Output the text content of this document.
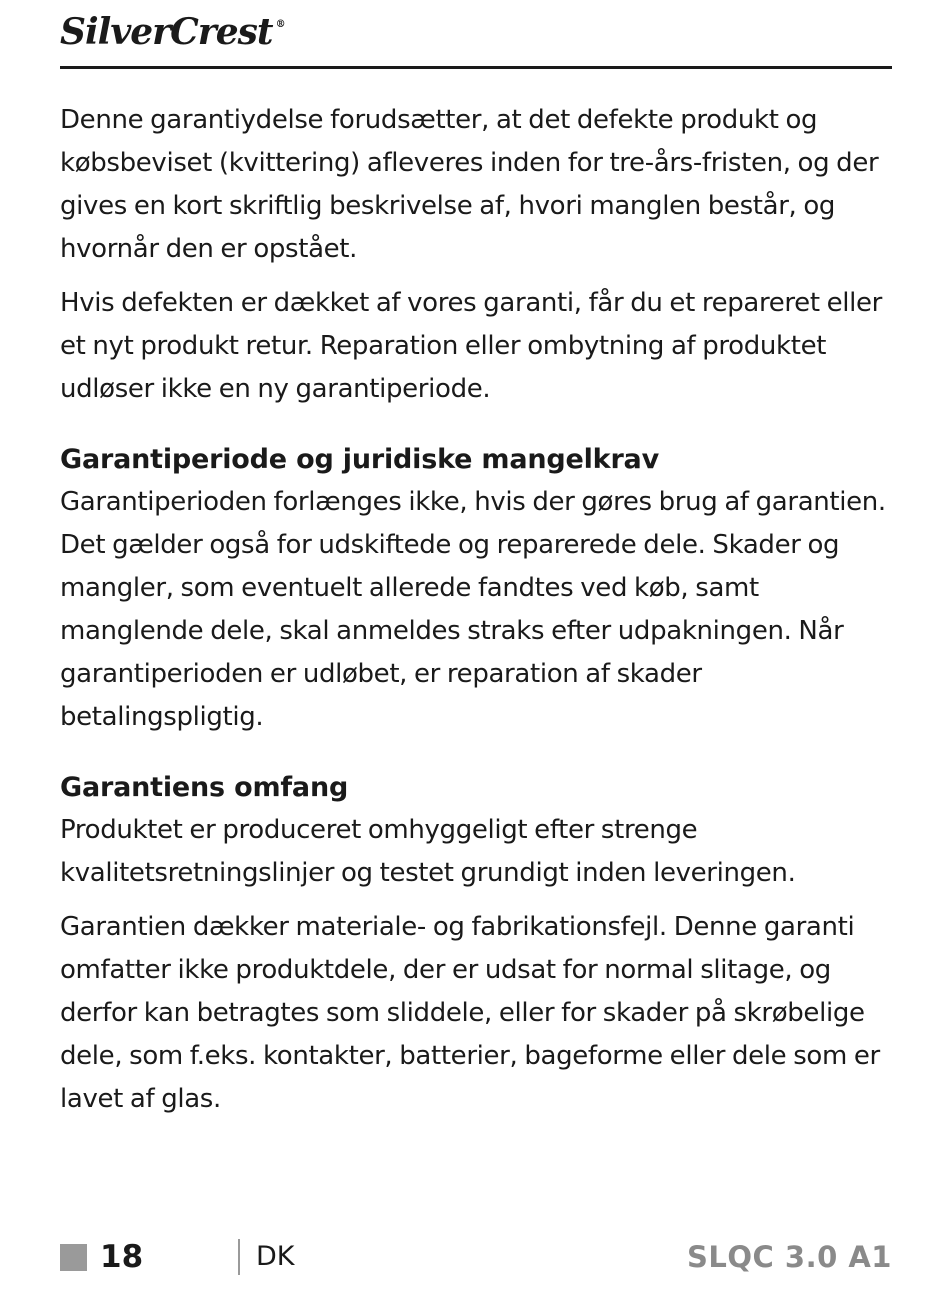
SilverCrest ®

Denne garantiydelse forudsætter, at det defekte produkt og købsbeviset (kvittering) afleveres inden for tre-års-fristen, og der gives en kort skriftlig beskrivelse af, hvori manglen består, og hvornår den er opstået.

Hvis defekten er dækket af vores garanti, får du et repareret eller et nyt produkt retur. Reparation eller ombytning af produktet udløser ikke en ny garantiperiode.

Garantiperiode og juridiske mangelkrav

Garantiperioden forlænges ikke, hvis der gøres brug af garantien. Det gælder også for udskiftede og reparerede dele. Skader og mangler, som eventuelt allerede fandtes ved køb, samt manglende dele, skal anmeldes straks efter udpakningen. Når garantiperioden er udløbet, er reparation af skader betalingspligtig.

Garantiens omfang

Produktet er produceret omhyggeligt efter strenge kvalitetsretningslinjer og testet grundigt inden leveringen.

Garantien dækker materiale- og fabrikationsfejl. Denne garanti omfatter ikke produktdele, der er udsat for normal slitage, og derfor kan betragtes som sliddele, eller for skader på skrøbelige dele, som f.eks. kontakter, batterier, bageforme eller dele som er lavet af glas.

18	DK	SLQC 3.0 A1
